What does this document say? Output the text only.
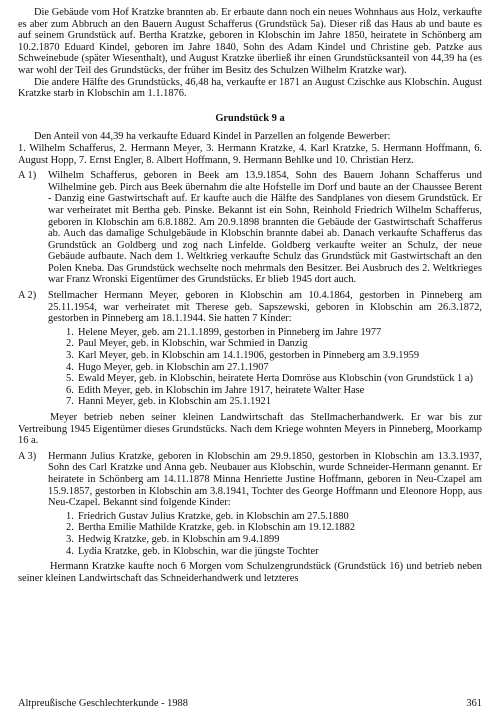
Die Gebäude vom Hof Kratzke brannten ab. Er erbaute dann noch ein neues Wohnhaus aus Holz, verkaufte es aber zum Abbruch an den Bauern August Schafferus (Grundstück 5a). Dieser riß das Haus ab und baute es auf seinem Grundstück auf. Bertha Kratzke, geboren in Klobschin im Jahre 1850, heiratete in Schönberg am 10.2.1870 Eduard Kindel, geboren im Jahre 1840, Sohn des Adam Kindel und Christine geb. Patzke aus Schweinebude (später Wiesenthalt), und August Kratzke überließ ihr einen Grundstücksanteil von 44,39 ha (es war wohl der Teil des Grundstücks, der früher im Besitz des Schulzen Wilhelm Kratzke war).

Die andere Hälfte des Grundstücks, 46,48 ha, verkaufte er 1871 an August Czischke aus Klobschin. August Kratzke starb in Klobschin am 1.1.1876.

Grundstück 9 a

Den Anteil von 44,39 ha verkaufte Eduard Kindel in Parzellen an folgende Bewerber:

1. Wilhelm Schafferus, 2. Hermann Meyer, 3. Hermann Kratzke, 4. Karl Kratzke, 5. Hermann Hoffmann, 6. August Hopp, 7. Ernst Engler, 8. Albert Hoffmann, 9. Hermann Behlke und 10. Christian Herz.

A 1)	Wilhelm Schafferus, geboren in Beek am 13.9.1854, Sohn des Bauern Johann Schafferus und Wilhelmine geb. Pirch aus Beek übernahm die alte Hofstelle im Dorf und baute an der Chaussee Berent - Danzig eine Gastwirtschaft auf. Er kaufte auch die Hälfte des Sandplanes von diesem Grundstück. Er war verheiratet mit Bertha geb. Pinske. Bekannt ist ein Sohn, Reinhold Friedrich Wilhelm Schafferus, geboren in Klobschin am 6.8.1882. Am 20.9.1898 brannten die Gebäude der Gastwirtschaft Schafferus ab. Auch das damalige Schulgebäude in Klobschin brannte dabei ab. Danach verkaufte Schafferus das Grundstück an Goldberg und zog nach Linfelde. Goldberg verkaufte weiter an Schulz, der neue Gebäude aufbaute. Nach dem 1. Weltkrieg verkaufte Schulz das Grundstück mit Gastwirtschaft an den Polen Kneba. Das Grundstück wechselte noch mehrmals den Besitzer. Bei Ausbruch des 2. Weltkrieges war Franz Wronski Eigentümer des Grundstücks. Er blieb 1945 dort auch.

A 2)	Stellmacher Hermann Meyer, geboren in Klobschin am 10.4.1864, gestorben in Pinneberg am 25.11.1954, war verheiratet mit Therese geb. Sapszewski, geboren in Klobschin am 26.3.1872, gestorben in Pinneberg am 18.1.1944. Sie hatten 7 Kinder:

1. Helene Meyer, geb. am 21.1.1899, gestorben in Pinneberg im Jahre 1977
2. Paul Meyer, geb. in Klobschin, war Schmied in Danzig
3. Karl Meyer, geb. in Klobschin am 14.1.1906, gestorben in Pinneberg am 3.9.1959
4. Hugo Meyer, geb. in Klobschin am 27.1.1907
5. Ewald Meyer, geb. in Klobschin, heiratete Herta Domröse aus Klobschin (von Grundstück 1 a)
6. Edith Meyer, geb. in Klobschin im Jahre 1917, heiratete Walter Hase
7. Hanni Meyer, geb. in Klobschin am 25.1.1921

Meyer betrieb neben seiner kleinen Landwirtschaft das Stellmacherhandwerk. Er war bis zur Vertreibung 1945 Eigentümer dieses Grundstücks. Nach dem Kriege wohnten Meyers in Pinneberg, Moorkamp 16 a.

A 3)	Hermann Julius Kratzke, geboren in Klobschin am 29.9.1850, gestorben in Klobschin am 13.3.1937, Sohn des Carl Kratzke und Anna geb. Neubauer aus Klobschin, wurde Schneider-Hermann genannt. Er heiratete in Schönberg am 14.11.1878 Minna Henriette Justine Hoffmann, geboren in Neu-Czapel am 15.9.1857, gestorben in Klobschin am 3.8.1941, Tochter des George Hoffmann und Eleonore Hopp, aus Neu-Czapel. Bekannt sind folgende Kinder:

1. Friedrich Gustav Julius Kratzke, geb. in Klobschin am 27.5.1880
2. Bertha Emilie Mathilde Kratzke, geb. in Klobschin am 19.12.1882
3. Hedwig Kratzke, geb. in Klobschin am 9.4.1899
4. Lydia Kratzke, geb. in Klobschin, war die jüngste Tochter

Hermann Kratzke kaufte noch 6 Morgen vom Schulzengrundstück (Grundstück 16) und betrieb neben seiner kleinen Landwirtschaft das Schneiderhandwerk und letzteres

Altpreußische Geschlechterkunde - 1988	361
